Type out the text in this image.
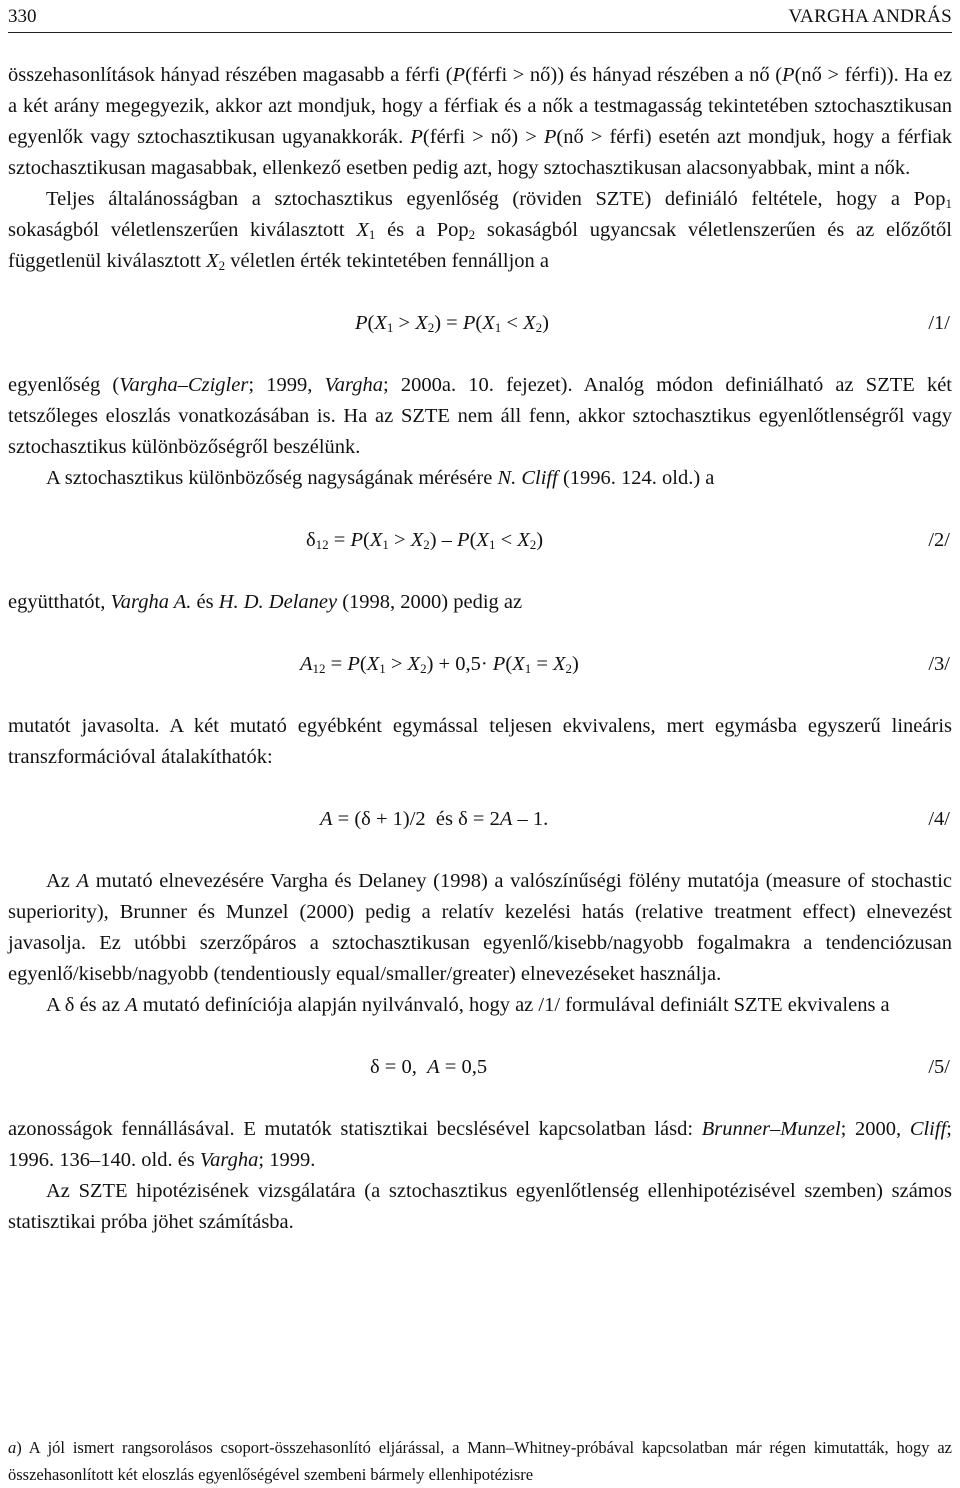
330	VARGHA ANDRÁS

összehasonlítások hányad részében magasabb a férfi (P(férfi > nő)) és hányad részében a nő (P(nő > férfi)). Ha ez a két arány megegyezik, akkor azt mondjuk, hogy a férfiak és a nők a testmagasság tekintetében sztochasztikusan egyenlők vagy sztochasztikusan ugyanakkorák. P(férfi > nő) > P(nő > férfi) esetén azt mondjuk, hogy a férfiak sztochasztikusan magasabbak, ellenkező esetben pedig azt, hogy sztochasztikusan alacsonyabbak, mint a nők.

Teljes általánosságban a sztochasztikus egyenlőség (röviden SZTE) definiáló feltétele, hogy a Pop$_1$ sokaságból véletlenszerűen kiválasztott $X_1$ és a Pop$_2$ sokaságból ugyancsak véletlenszerűen és az előzőtől függetlenül kiválasztott $X_2$ véletlen érték tekintetében fennálljon a

$P(X_1 > X_2) = P(X_1 < X_2)$	/1/

egyenlőség (Vargha–Czigler; 1999, Vargha; 2000a. 10. fejezet). Analóg módon definiálható az SZTE két tetszőleges eloszlás vonatkozásában is. Ha az SZTE nem áll fenn, akkor sztochasztikus egyenlőtlenségről vagy sztochasztikus különbözőségről beszélünk.

A sztochasztikus különbözőség nagyságának mérésére N. Cliff (1996. 124. old.) a

$\delta_{12} = P(X_1 > X_2) - P(X_1 < X_2)$	/2/

együtthatót, Vargha A. és H. D. Delaney (1998, 2000) pedig az

$A_{12} = P(X_1 > X_2) + 0,5\cdot P(X_1 = X_2)$	/3/

mutatót javasolta. A két mutató egyébként egymással teljesen ekvivalens, mert egymásba egyszerű lineáris transzformációval átalakíthatók:

A = (δ + 1)/2  és δ = 2A – 1.	/4/

Az A mutató elnevezésére Vargha és Delaney (1998) a valószínűségi fölény mutatója (measure of stochastic superiority), Brunner és Munzel (2000) pedig a relatív kezelési hatás (relative treatment effect) elnevezést javasolja. Ez utóbbi szerzőpáros a sztochasztikusan egyenlő/kisebb/nagyobb fogalmakra a tendenciózusan egyenlő/kisebb/nagyobb (tendentiously equal/smaller/greater) elnevezéseket használja.

A δ és az A mutató definíciója alapján nyilvánvaló, hogy az /1/ formulával definiált SZTE ekvivalens a

δ = 0,  A = 0,5	/5/

azonosságok fennállásával. E mutatók statisztikai becslésével kapcsolatban lásd: Brunner–Munzel; 2000, Cliff; 1996. 136–140. old. és Vargha; 1999.

Az SZTE hipotézisének vizsgálatára (a sztochasztikus egyenlőtlenség ellenhipotézisével szemben) számos statisztikai próba jöhet számításba.

a) A jól ismert rangsorolásos csoport-összehasonlító eljárással, a Mann–Whitney-próbával kapcsolatban már régen kimutatták, hogy az összehasonlított két eloszlás egyenlőségével szembeni bármely ellenhipotézisre
